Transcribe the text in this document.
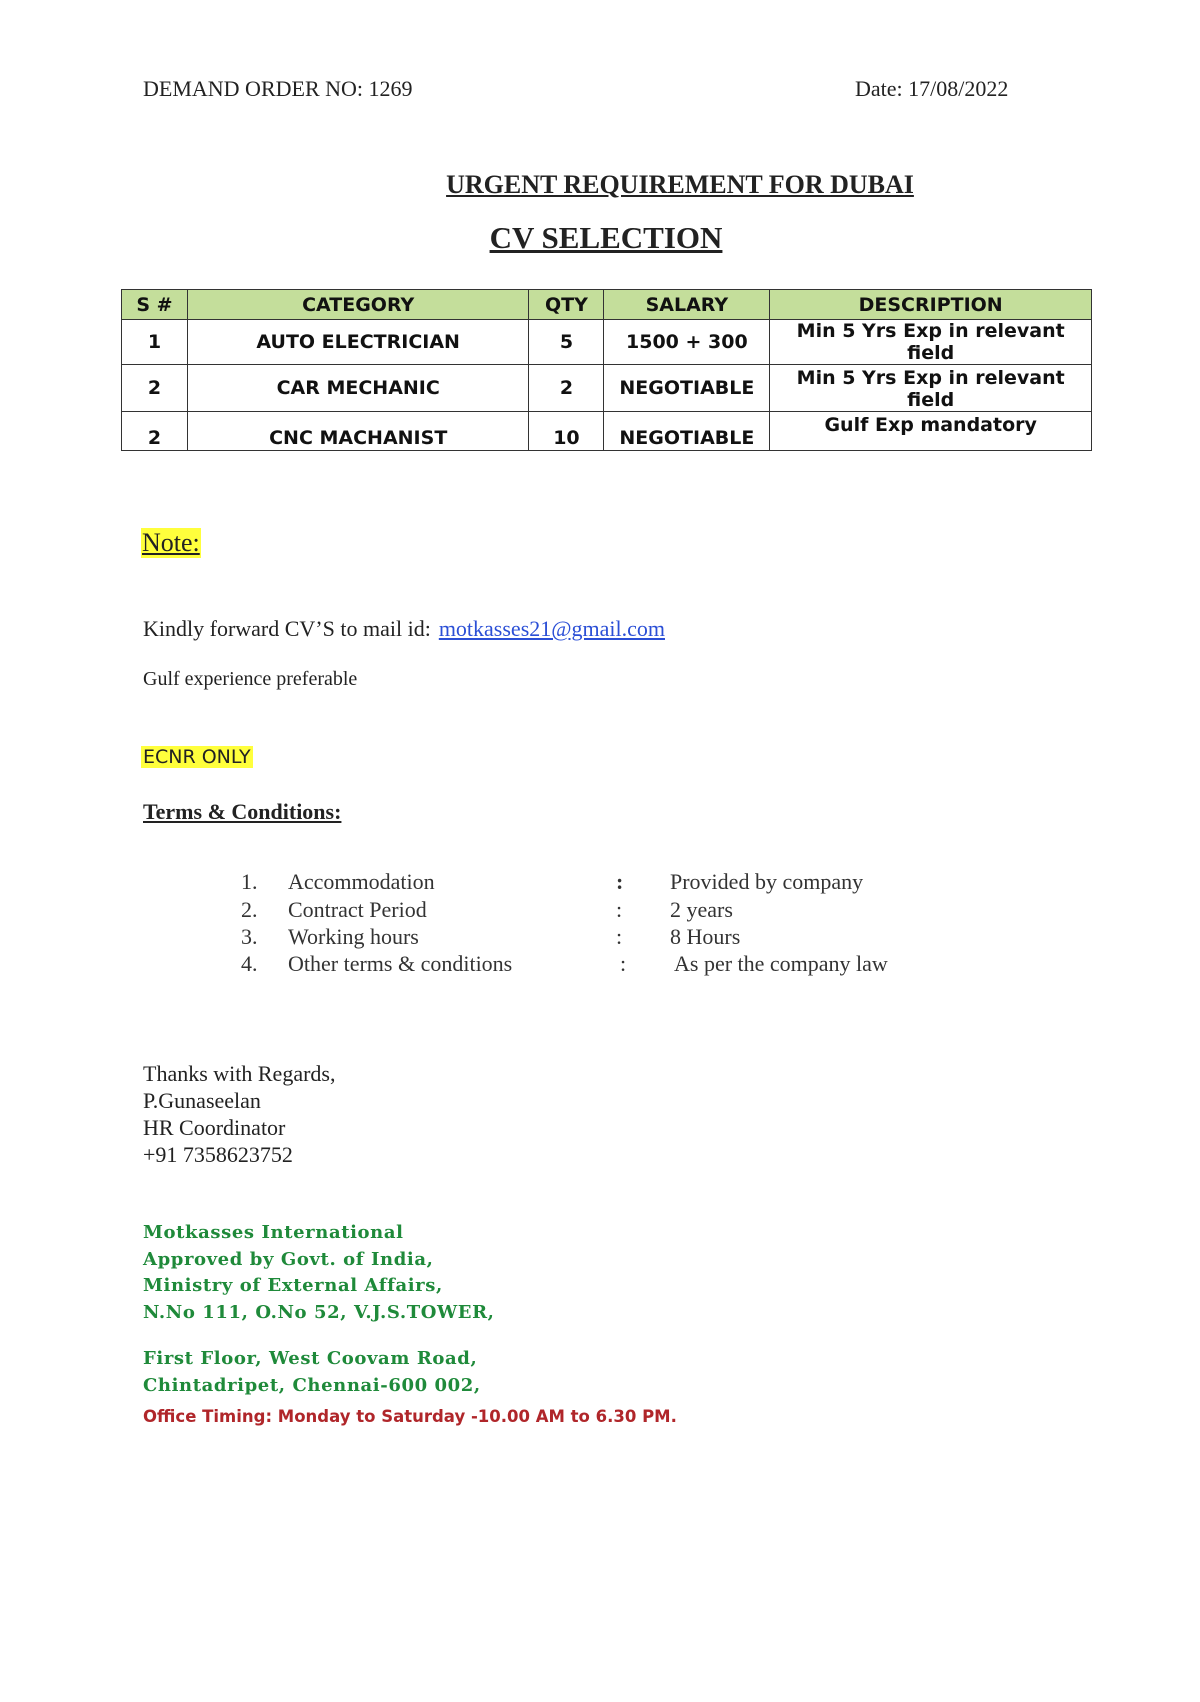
DEMAND ORDER NO: 1269	Date: 17/08/2022
URGENT REQUIREMENT FOR DUBAI
CV SELECTION
S #	CATEGORY	QTY	SALARY	DESCRIPTION
1	AUTO ELECTRICIAN	5	1500 + 300	Min 5 Yrs Exp in relevant field
2	CAR MECHANIC	2	NEGOTIABLE	Min 5 Yrs Exp in relevant field
2	CNC MACHANIST	10	NEGOTIABLE	Gulf Exp mandatory
Note:
Kindly forward CV’S to mail id: motkasses21@gmail.com
Gulf experience preferable
ECNR ONLY
Terms & Conditions:
1. Accommodation	: Provided by company
2. Contract Period	: 2 years
3. Working hours	: 8 Hours
4. Other terms & conditions	: As per the company law
Thanks with Regards,
P.Gunaseelan
HR Coordinator
+91 7358623752
Motkasses International
Approved by Govt. of India,
Ministry of External Affairs,
N.No 111, O.No 52, V.J.S.TOWER,
First Floor, West Coovam Road,
Chintadripet, Chennai-600 002,
Office Timing: Monday to Saturday -10.00 AM to 6.30 PM.
